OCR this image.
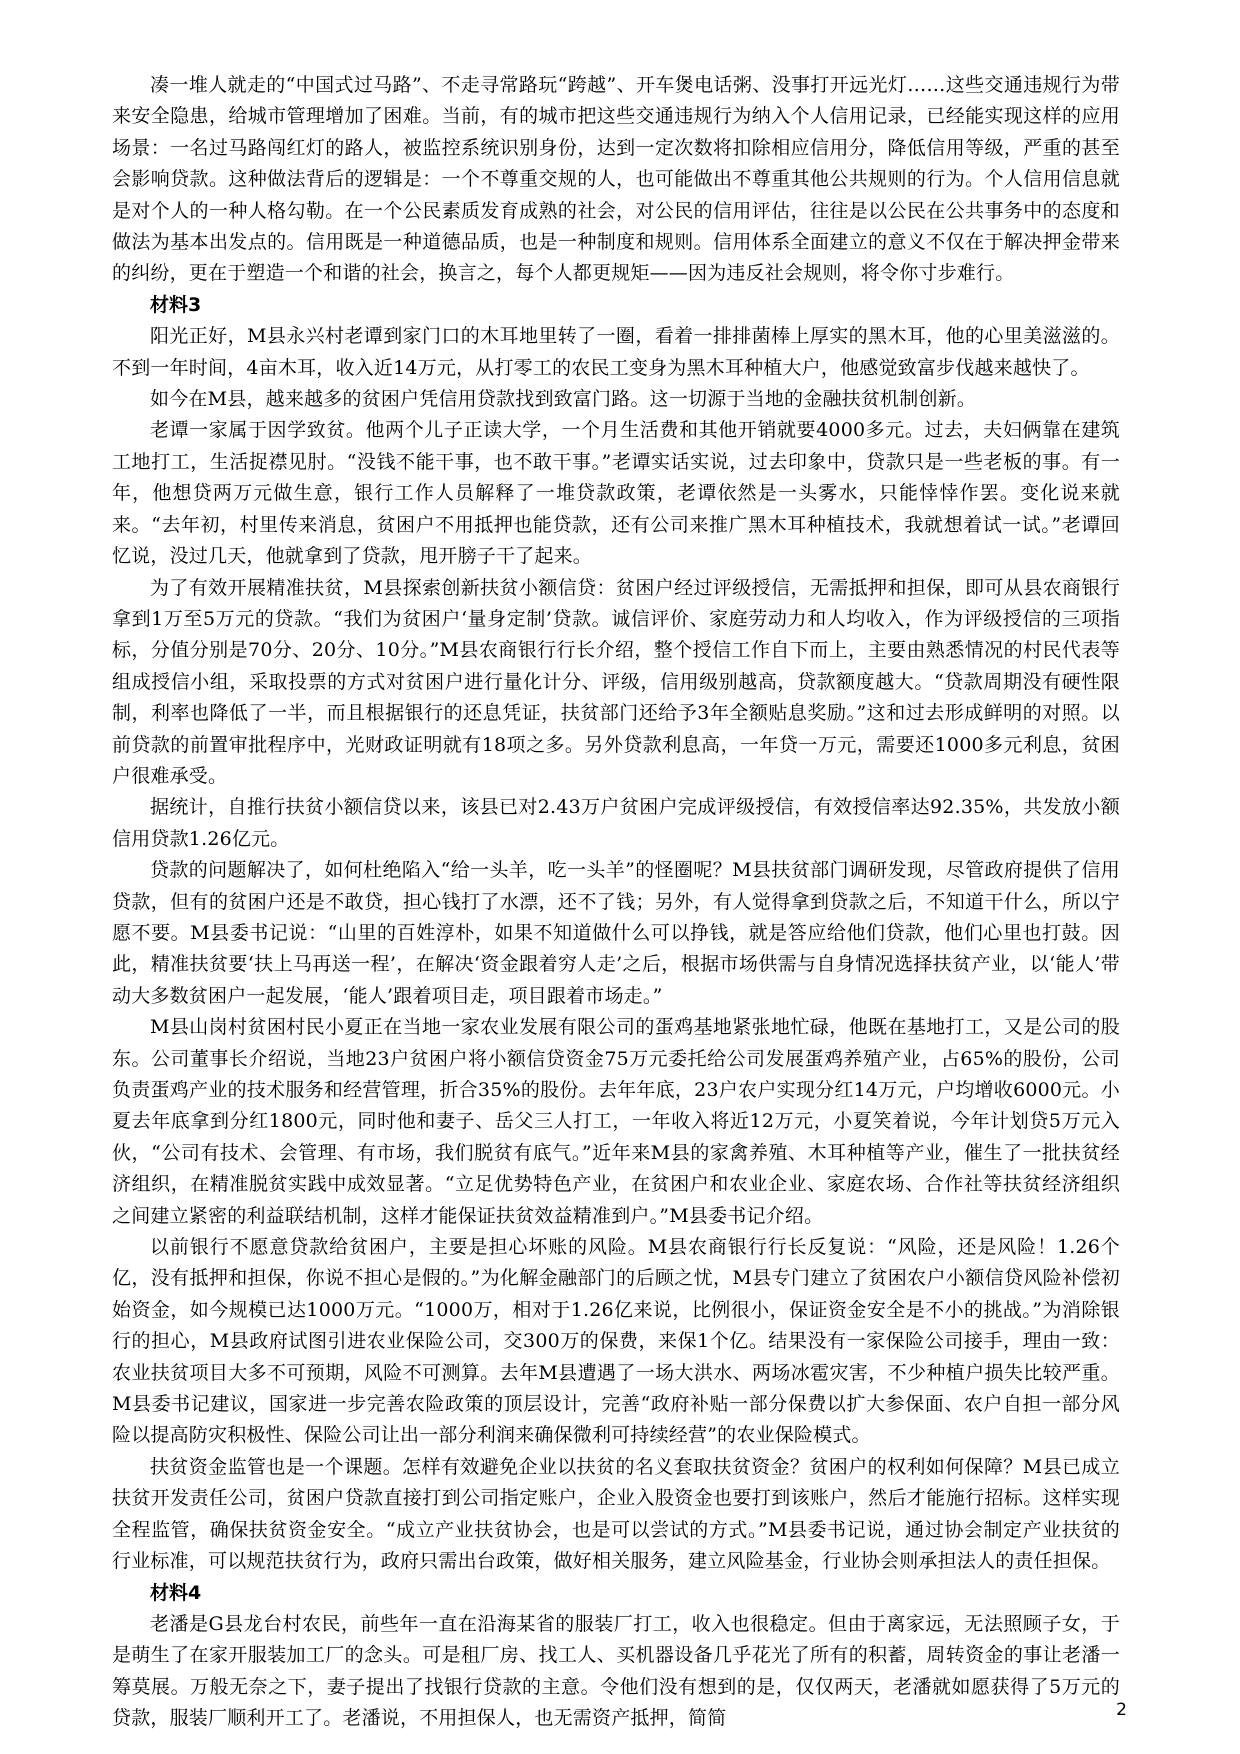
凑一堆人就走的“中国式过马路”、不走寻常路玩“跨越”、开车煲电话粥、没事打开远光灯……这些交通违规行为带来安全隐患，给城市管理增加了困难。当前，有的城市把这些交通违规行为纳入个人信用记录，已经能实现这样的应用场景：一名过马路闯红灯的路人，被监控系统识别身份，达到一定次数将扣除相应信用分，降低信用等级，严重的甚至会影响贷款。这种做法背后的逻辑是：一个不尊重交规的人，也可能做出不尊重其他公共规则的行为。个人信用信息就是对个人的一种人格勾勒。在一个公民素质发育成熟的社会，对公民的信用评估，往往是以公民在公共事务中的态度和做法为基本出发点的。信用既是一种道德品质，也是一种制度和规则。信用体系全面建立的意义不仅在于解决押金带来的纠纷，更在于塑造一个和谐的社会，换言之，每个人都更规矩——因为违反社会规则，将令你寸步难行。

材料3

阳光正好，M县永兴村老谭到家门口的木耳地里转了一圈，看着一排排菌棒上厚实的黑木耳，他的心里美滋滋的。不到一年时间，4亩木耳，收入近14万元，从打零工的农民工变身为黑木耳种植大户，他感觉致富步伐越来越快了。

如今在M县，越来越多的贫困户凭信用贷款找到致富门路。这一切源于当地的金融扶贫机制创新。

老谭一家属于因学致贫。他两个儿子正读大学，一个月生活费和其他开销就要4000多元。过去，夫妇俩靠在建筑工地打工，生活捉襟见肘。“没钱不能干事，也不敢干事。”老谭实话实说，过去印象中，贷款只是一些老板的事。有一年，他想贷两万元做生意，银行工作人员解释了一堆贷款政策，老谭依然是一头雾水，只能悻悻作罢。变化说来就来。“去年初，村里传来消息，贫困户不用抵押也能贷款，还有公司来推广黑木耳种植技术，我就想着试一试。”老谭回忆说，没过几天，他就拿到了贷款，甩开膀子干了起来。

为了有效开展精准扶贫，M县探索创新扶贫小额信贷：贫困户经过评级授信，无需抵押和担保，即可从县农商银行拿到1万至5万元的贷款。“我们为贫困户‘量身定制’贷款。诚信评价、家庭劳动力和人均收入，作为评级授信的三项指标，分值分别是70分、20分、10分。”M县农商银行行长介绍，整个授信工作自下而上，主要由熟悉情况的村民代表等组成授信小组，采取投票的方式对贫困户进行量化计分、评级，信用级别越高，贷款额度越大。“贷款周期没有硬性限制，利率也降低了一半，而且根据银行的还息凭证，扶贫部门还给予3年全额贴息奖励。”这和过去形成鲜明的对照。以前贷款的前置审批程序中，光财政证明就有18项之多。另外贷款利息高，一年贷一万元，需要还1000多元利息，贫困户很难承受。

据统计，自推行扶贫小额信贷以来，该县已对2.43万户贫困户完成评级授信，有效授信率达92.35%，共发放小额信用贷款1.26亿元。

贷款的问题解决了，如何杜绝陷入“给一头羊，吃一头羊”的怪圈呢？M县扶贫部门调研发现，尽管政府提供了信用贷款，但有的贫困户还是不敢贷，担心钱打了水漂，还不了钱；另外，有人觉得拿到贷款之后，不知道干什么，所以宁愿不要。M县委书记说：“山里的百姓淳朴，如果不知道做什么可以挣钱，就是答应给他们贷款，他们心里也打鼓。因此，精准扶贫要‘扶上马再送一程’，在解决‘资金跟着穷人走’之后，根据市场供需与自身情况选择扶贫产业，以‘能人’带动大多数贫困户一起发展，‘能人’跟着项目走，项目跟着市场走。”

M县山岗村贫困村民小夏正在当地一家农业发展有限公司的蛋鸡基地紧张地忙碌，他既在基地打工，又是公司的股东。公司董事长介绍说，当地23户贫困户将小额信贷资金75万元委托给公司发展蛋鸡养殖产业，占65%的股份，公司负责蛋鸡产业的技术服务和经营管理，折合35%的股份。去年年底，23户农户实现分红14万元，户均增收6000元。小夏去年底拿到分红1800元，同时他和妻子、岳父三人打工，一年收入将近12万元，小夏笑着说，今年计划贷5万元入伙，“公司有技术、会管理、有市场，我们脱贫有底气。”近年来M县的家禽养殖、木耳种植等产业，催生了一批扶贫经济组织，在精准脱贫实践中成效显著。“立足优势特色产业，在贫困户和农业企业、家庭农场、合作社等扶贫经济组织之间建立紧密的利益联结机制，这样才能保证扶贫效益精准到户。”M县委书记介绍。

以前银行不愿意贷款给贫困户，主要是担心坏账的风险。M县农商银行行长反复说：“风险，还是风险！1.26个亿，没有抵押和担保，你说不担心是假的。”为化解金融部门的后顾之忧，M县专门建立了贫困农户小额信贷风险补偿初始资金，如今规模已达1000万元。“1000万，相对于1.26亿来说，比例很小，保证资金安全是不小的挑战。”为消除银行的担心，M县政府试图引进农业保险公司，交300万的保费，来保1个亿。结果没有一家保险公司接手，理由一致：农业扶贫项目大多不可预期，风险不可测算。去年M县遭遇了一场大洪水、两场冰雹灾害，不少种植户损失比较严重。M县委书记建议，国家进一步完善农险政策的顶层设计，完善“政府补贴一部分保费以扩大参保面、农户自担一部分风险以提高防灾积极性、保险公司让出一部分利润来确保微利可持续经营”的农业保险模式。

扶贫资金监管也是一个课题。怎样有效避免企业以扶贫的名义套取扶贫资金？贫困户的权利如何保障？M县已成立扶贫开发责任公司，贫困户贷款直接打到公司指定账户，企业入股资金也要打到该账户，然后才能施行招标。这样实现全程监管，确保扶贫资金安全。“成立产业扶贫协会，也是可以尝试的方式。”M县委书记说，通过协会制定产业扶贫的行业标准，可以规范扶贫行为，政府只需出台政策，做好相关服务，建立风险基金，行业协会则承担法人的责任担保。

材料4

老潘是G县龙台村农民，前些年一直在沿海某省的服装厂打工，收入也很稳定。但由于离家远，无法照顾子女，于是萌生了在家开服装加工厂的念头。可是租厂房、找工人、买机器设备几乎花光了所有的积蓄，周转资金的事让老潘一筹莫展。万般无奈之下，妻子提出了找银行贷款的主意。令他们没有想到的是，仅仅两天，老潘就如愿获得了5万元的贷款，服装厂顺利开工了。老潘说，不用担保人，也无需资产抵押，简简	2
